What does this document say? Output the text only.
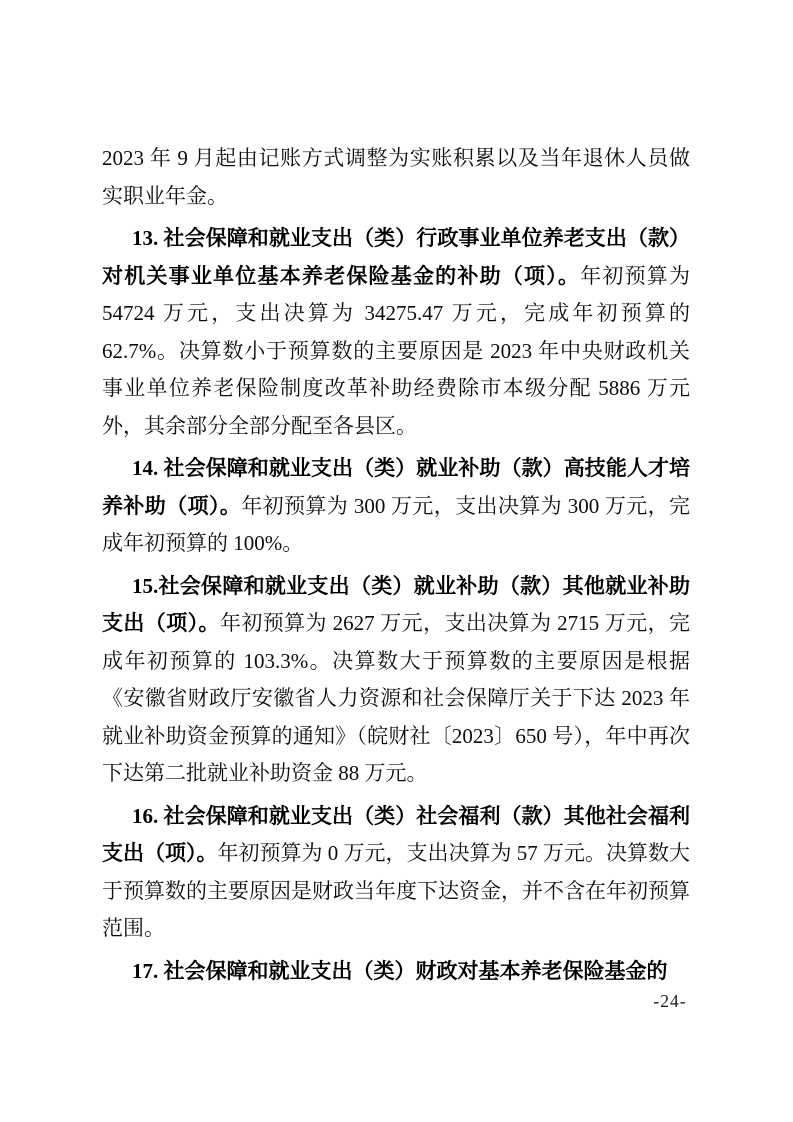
2023 年 9 月起由记账方式调整为实账积累以及当年退休人员做实职业年金。

13. 社会保障和就业支出（类）行政事业单位养老支出（款）对机关事业单位基本养老保险基金的补助（项）。年初预算为 54724 万元，支出决算为 34275.47 万元，完成年初预算的 62.7%。决算数小于预算数的主要原因是 2023 年中央财政机关事业单位养老保险制度改革补助经费除市本级分配 5886 万元外，其余部分全部分配至各县区。

14. 社会保障和就业支出（类）就业补助（款）高技能人才培养补助（项）。年初预算为 300 万元，支出决算为 300 万元，完成年初预算的 100%。

15.社会保障和就业支出（类）就业补助（款）其他就业补助支出（项）。年初预算为 2627 万元，支出决算为 2715 万元，完成年初预算的 103.3%。决算数大于预算数的主要原因是根据《安徽省财政厅安徽省人力资源和社会保障厅关于下达 2023 年就业补助资金预算的通知》（皖财社〔2023〕650 号），年中再次下达第二批就业补助资金 88 万元。

16. 社会保障和就业支出（类）社会福利（款）其他社会福利支出（项）。年初预算为 0 万元，支出决算为 57 万元。决算数大于预算数的主要原因是财政当年度下达资金，并不含在年初预算范围。

17. 社会保障和就业支出（类）财政对基本养老保险基金的

-24-
